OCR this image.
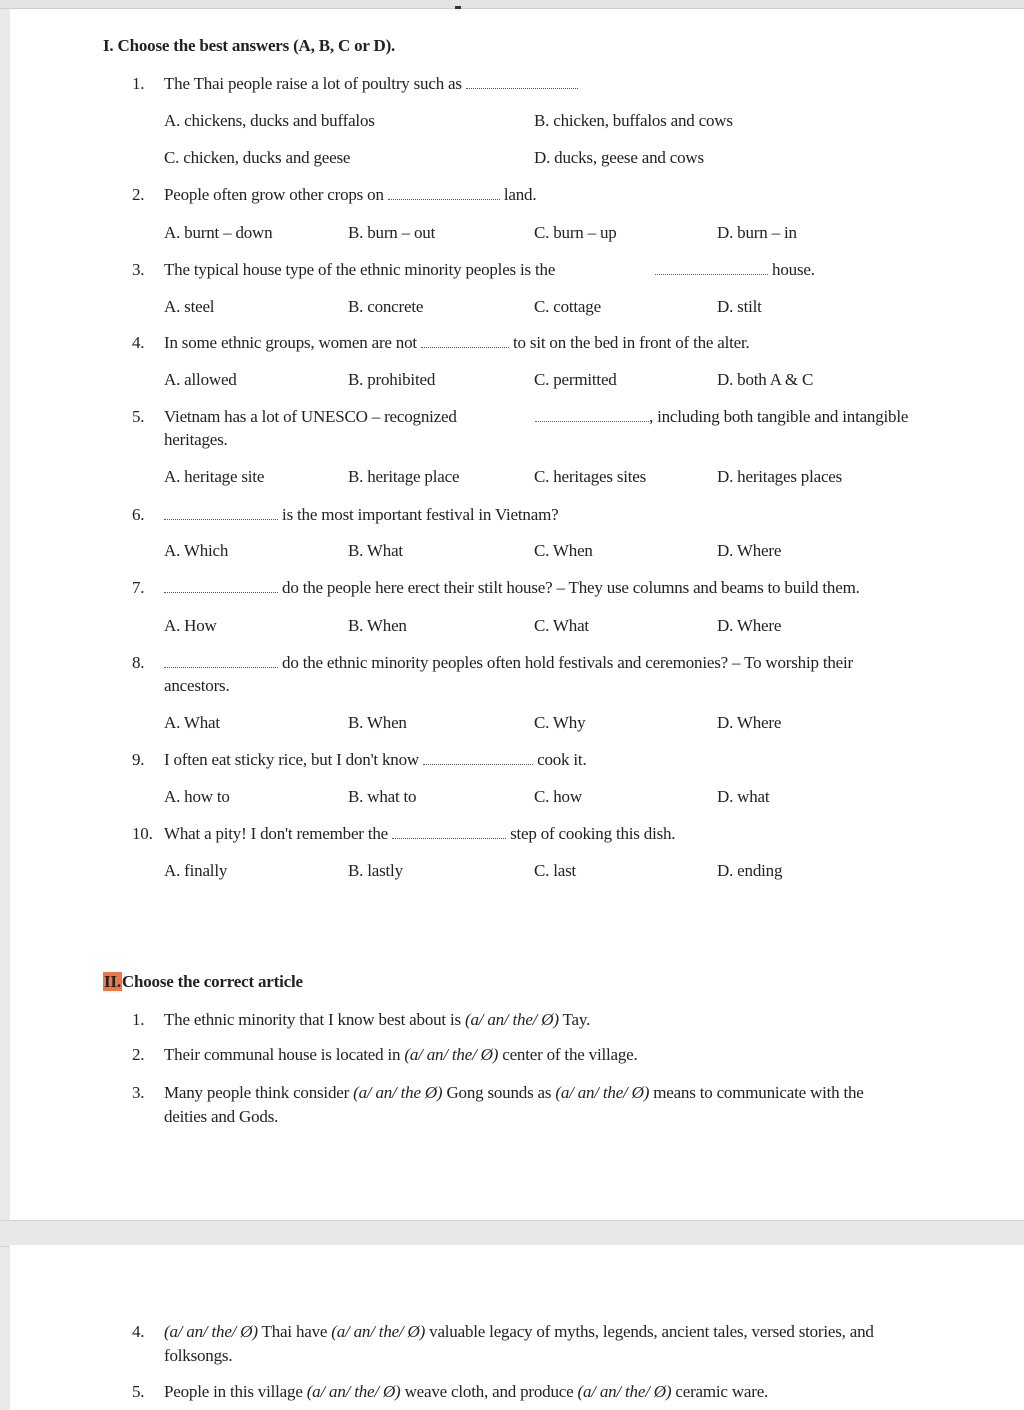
I. Choose the best answers (A, B, C or D).
1. The Thai people raise a lot of poultry such as
A. chickens, ducks and buffalos	B. chicken, buffalos and cows
C. chicken, ducks and geese	D. ducks, geese and cows
2. People often grow other crops on	land.
A. burnt – down	B. burn – out	C. burn – up	D. burn – in
3. The typical house type of the ethnic minority peoples is the	house.
A. steel	B. concrete	C. cottage	D. stilt
4. In some ethnic groups, women are not	to sit on the bed in front of the alter.
A. allowed	B. prohibited	C. permitted	D. both A & C
5. Vietnam has a lot of UNESCO – recognized	, including both tangible and intangible
heritages.
A. heritage site	B. heritage place	C. heritages sites	D. heritages places
6.	is the most important festival in Vietnam?
A. Which	B. What	C. When	D. Where
7.	do the people here erect their stilt house? – They use columns and beams to build them.
A. How	B. When	C. What	D. Where
8.	do the ethnic minority peoples often hold festivals and ceremonies? – To worship their
ancestors.
A. What	B. When	C. Why	D. Where
9. I often eat sticky rice, but I don't know	cook it.
A. how to	B. what to	C. how	D. what
10. What a pity! I don't remember the	step of cooking this dish.
A. finally	B. lastly	C. last	D. ending
II.Choose the correct article
1. The ethnic minority that I know best about is (a/ an/ the/ Ø) Tay.
2. Their communal house is located in (a/ an/ the/ Ø) center of the village.
3. Many people think consider (a/ an/ the Ø) Gong sounds as (a/ an/ the/ Ø) means to communicate with the
deities and Gods.
4. (a/ an/ the/ Ø) Thai have (a/ an/ the/ Ø) valuable legacy of myths, legends, ancient tales, versed stories, and
folksongs.
5. People in this village (a/ an/ the/ Ø) weave cloth, and produce (a/ an/ the/ Ø) ceramic ware.
